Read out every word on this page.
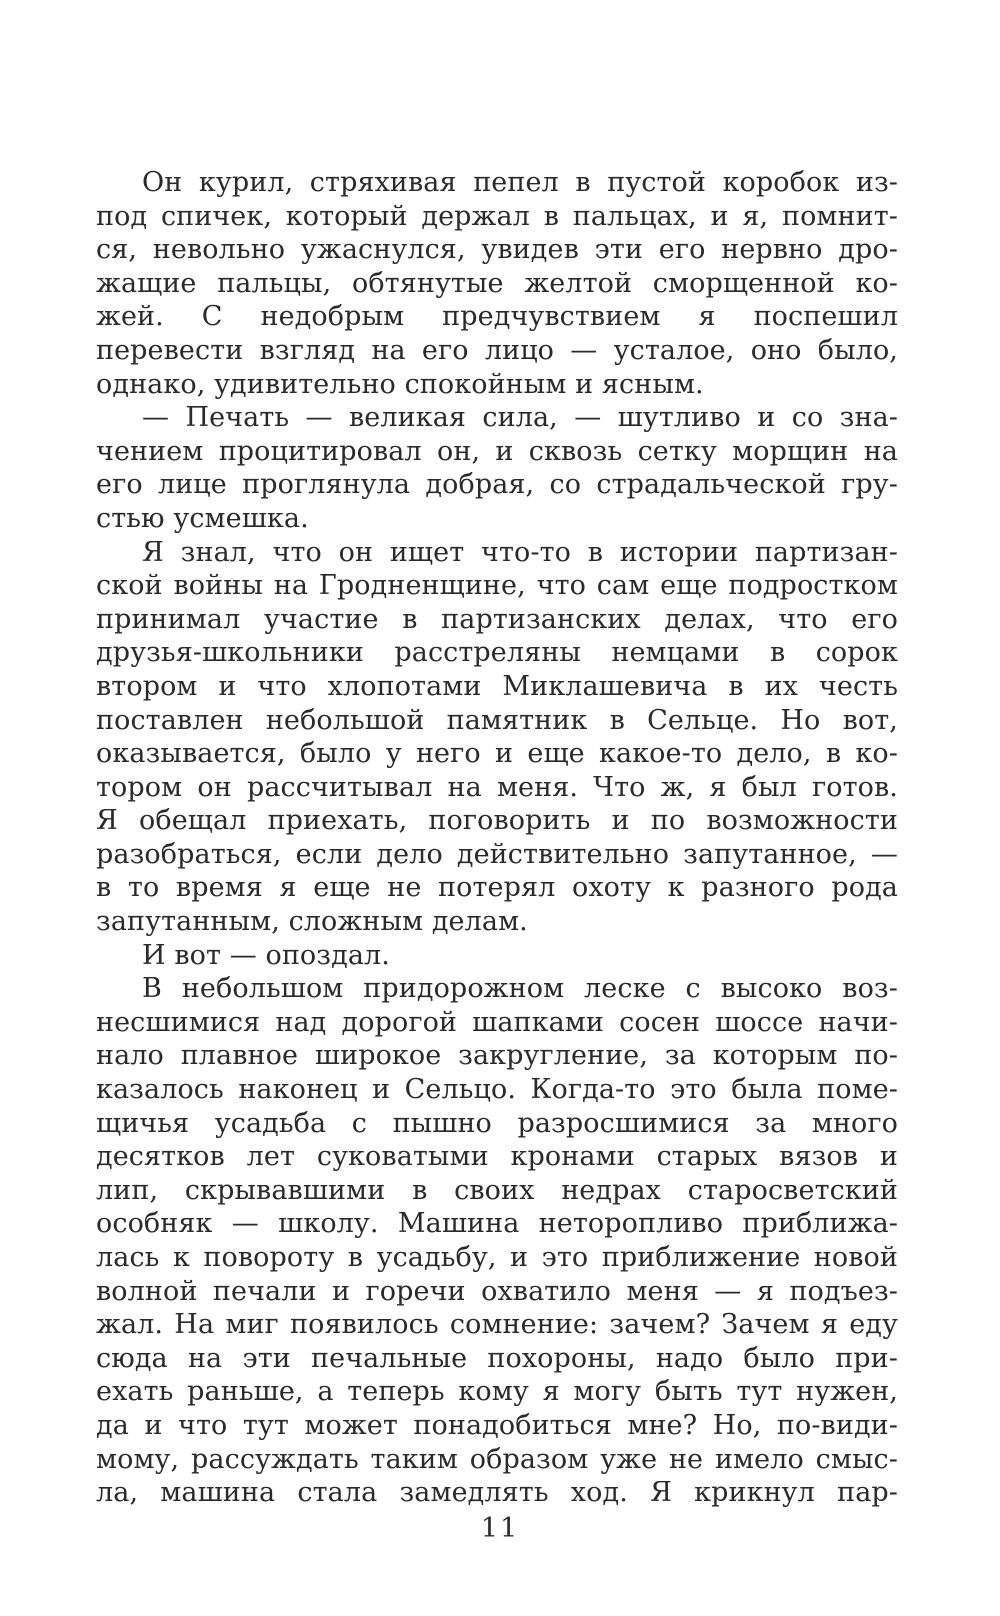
Он курил, стряхивая пепел в пустой коробок из-
под спичек, который держал в пальцах, и я, помнит-
ся, невольно ужаснулся, увидев эти его нервно дро-
жащие пальцы, обтянутые желтой сморщенной ко-
жей. С недобрым предчувствием я поспешил
перевести взгляд на его лицо — усталое, оно было,
однако, удивительно спокойным и ясным.
— Печать — великая сила, — шутливо и со зна-
чением процитировал он, и сквозь сетку морщин на
его лице проглянула добрая, со страдальческой гру-
стью усмешка.
Я знал, что он ищет что-то в истории партизан-
ской войны на Гродненщине, что сам еще подростком
принимал участие в партизанских делах, что его
друзья-школьники расстреляны немцами в сорок
втором и что хлопотами Миклашевича в их честь
поставлен небольшой памятник в Сельце. Но вот,
оказывается, было у него и еще какое-то дело, в ко-
тором он рассчитывал на меня. Что ж, я был готов.
Я обещал приехать, поговорить и по возможности
разобраться, если дело действительно запутанное, —
в то время я еще не потерял охоту к разного рода
запутанным, сложным делам.
И вот — опоздал.
В небольшом придорожном леске с высоко воз-
несшимися над дорогой шапками сосен шоссе начи-
нало плавное широкое закругление, за которым по-
казалось наконец и Сельцо. Когда-то это была поме-
щичья усадьба с пышно разросшимися за много
десятков лет суковатыми кронами старых вязов и
лип, скрывавшими в своих недрах старосветский
особняк — школу. Машина неторопливо приближа-
лась к повороту в усадьбу, и это приближение новой
волной печали и горечи охватило меня — я подъез-
жал. На миг появилось сомнение: зачем? Зачем я еду
сюда на эти печальные похороны, надо было при-
ехать раньше, а теперь кому я могу быть тут нужен,
да и что тут может понадобиться мне? Но, по-види-
мому, рассуждать таким образом уже не имело смыс-
ла, машина стала замедлять ход. Я крикнул пар-
11
